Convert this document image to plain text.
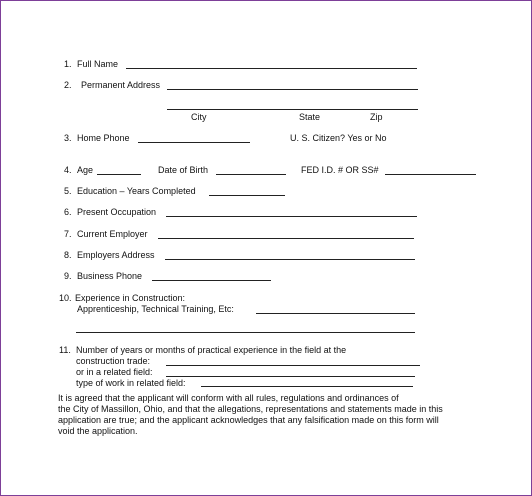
1. Full Name
2. Permanent Address
City	State	Zip
3. Home Phone	U. S. Citizen? Yes or No
4. Age	Date of Birth	FED I.D. # OR SS#
5. Education – Years Completed
6. Present Occupation
7. Current Employer
8. Employers Address
9. Business Phone
10. Experience in Construction:
Apprenticeship, Technical Training, Etc:
11. Number of years or months of practical experience in the field at the
construction trade:
or in a related field:
type of work in related field:
It is agreed that the applicant will conform with all rules, regulations and ordinances of
the City of Massillon, Ohio, and that the allegations, representations and statements made in this
application are true; and the applicant acknowledges that any falsification made on this form will
void the application.
